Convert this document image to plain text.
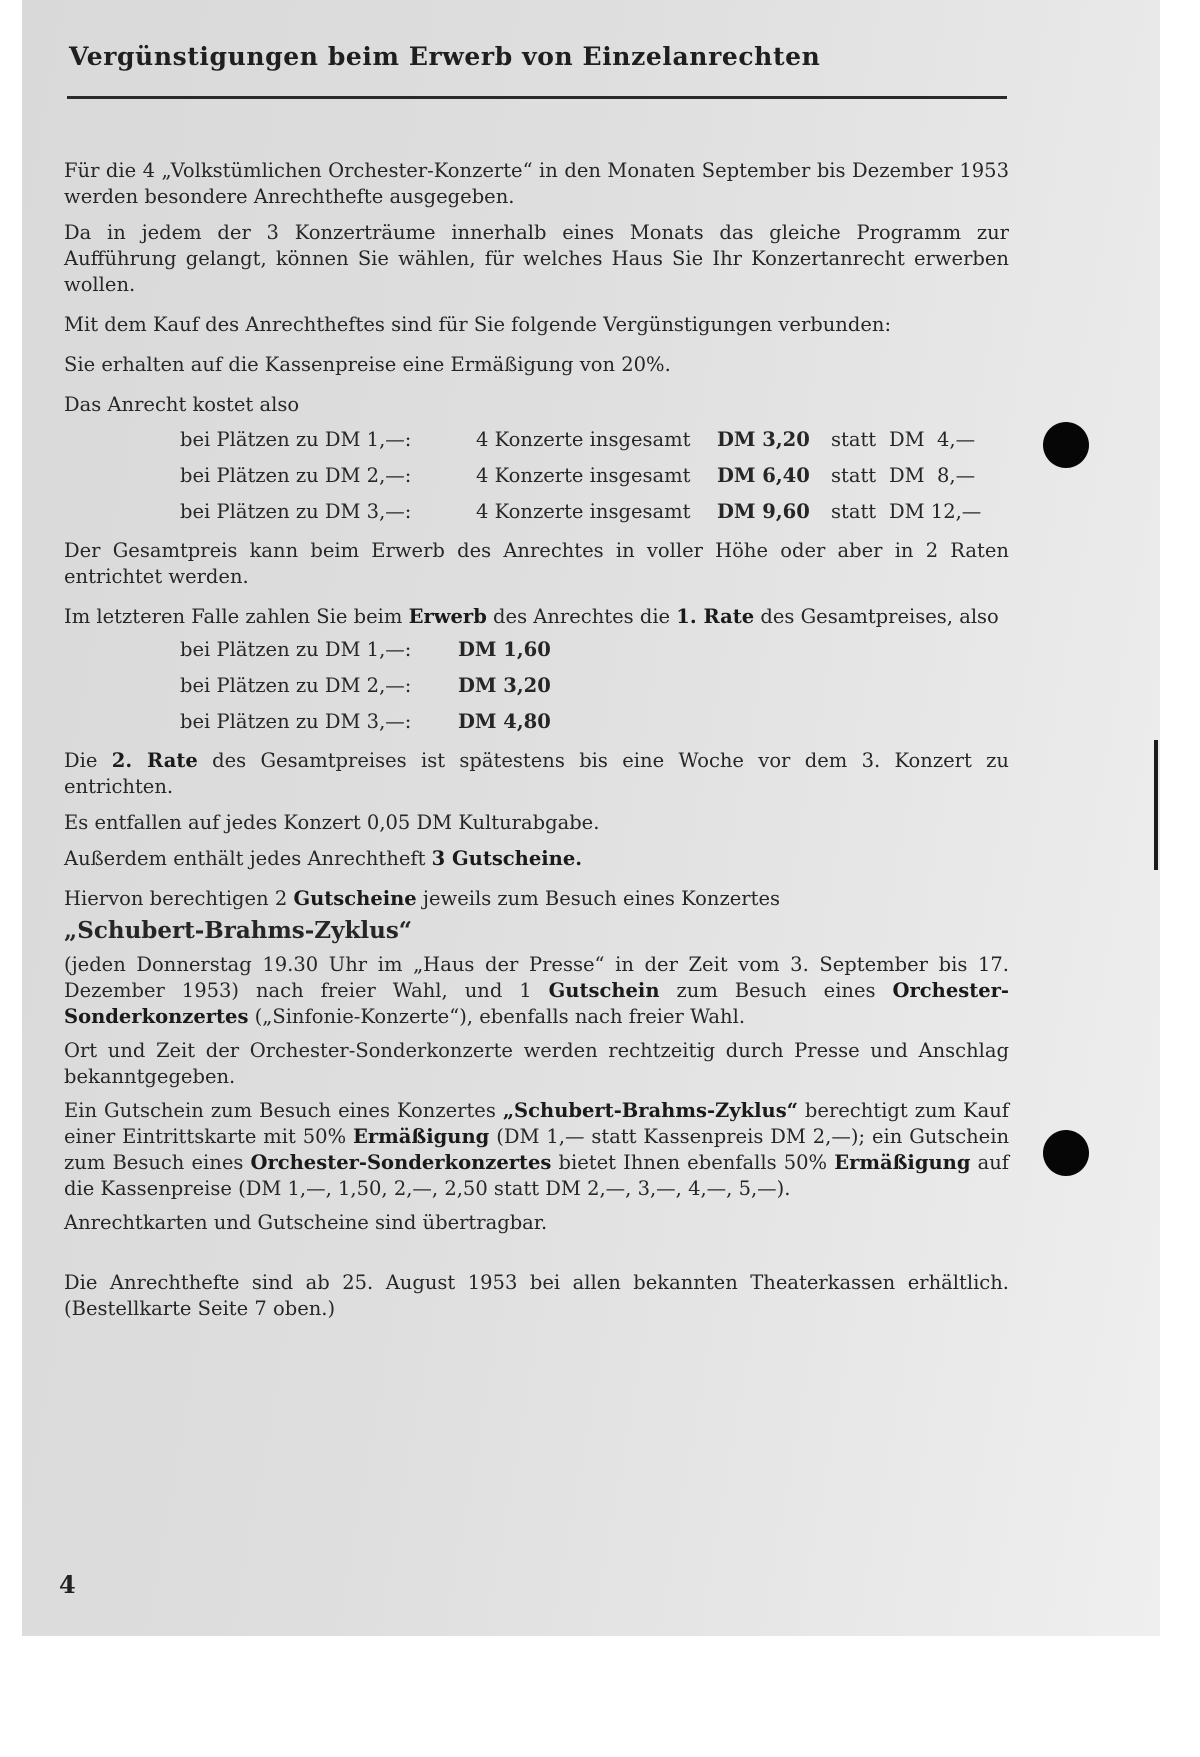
Vergünstigungen beim Erwerb von Einzelanrechten

Für die 4 „Volkstümlichen Orchester-Konzerte“ in den Monaten September bis Dezember 1953 werden besondere Anrechthefte ausgegeben.

Da in jedem der 3 Konzerträume innerhalb eines Monats das gleiche Programm zur Aufführung gelangt, können Sie wählen, für welches Haus Sie Ihr Konzertanrecht erwerben wollen.

Mit dem Kauf des Anrechtheftes sind für Sie folgende Vergünstigungen verbunden:

Sie erhalten auf die Kassenpreise eine Ermäßigung von 20%.

Das Anrecht kostet also

bei Plätzen zu DM 1,—:	4 Konzerte insgesamt	DM 3,20	statt	DM  4,—
bei Plätzen zu DM 2,—:	4 Konzerte insgesamt	DM 6,40	statt	DM  8,—
bei Plätzen zu DM 3,—:	4 Konzerte insgesamt	DM 9,60	statt	DM 12,—

Der Gesamtpreis kann beim Erwerb des Anrechtes in voller Höhe oder aber in 2 Raten entrichtet werden.

Im letzteren Falle zahlen Sie beim Erwerb des Anrechtes die 1. Rate des Gesamtpreises, also

bei Plätzen zu DM 1,—:	DM 1,60
bei Plätzen zu DM 2,—:	DM 3,20
bei Plätzen zu DM 3,—:	DM 4,80

Die 2. Rate des Gesamtpreises ist spätestens bis eine Woche vor dem 3. Konzert zu entrichten.

Es entfallen auf jedes Konzert 0,05 DM Kulturabgabe.

Außerdem enthält jedes Anrechtheft 3 Gutscheine.

Hiervon berechtigen 2 Gutscheine jeweils zum Besuch eines Konzertes

„Schubert-Brahms-Zyklus“

(jeden Donnerstag 19.30 Uhr im „Haus der Presse“ in der Zeit vom 3. September bis 17. Dezember 1953) nach freier Wahl, und 1 Gutschein zum Besuch eines Orchester-Sonderkonzertes („Sinfonie-Konzerte“), ebenfalls nach freier Wahl.

Ort und Zeit der Orchester-Sonderkonzerte werden rechtzeitig durch Presse und Anschlag bekanntgegeben.

Ein Gutschein zum Besuch eines Konzertes „Schubert-Brahms-Zyklus“ berechtigt zum Kauf einer Eintrittskarte mit 50% Ermäßigung (DM 1,— statt Kassenpreis DM 2,—); ein Gutschein zum Besuch eines Orchester-Sonderkonzertes bietet Ihnen ebenfalls 50% Ermäßigung auf die Kassenpreise (DM 1,—, 1,50, 2,—, 2,50 statt DM 2,—, 3,—, 4,—, 5,—).

Anrechtkarten und Gutscheine sind übertragbar.

Die Anrechthefte sind ab 25. August 1953 bei allen bekannten Theaterkassen erhältlich. (Bestellkarte Seite 7 oben.)

4
